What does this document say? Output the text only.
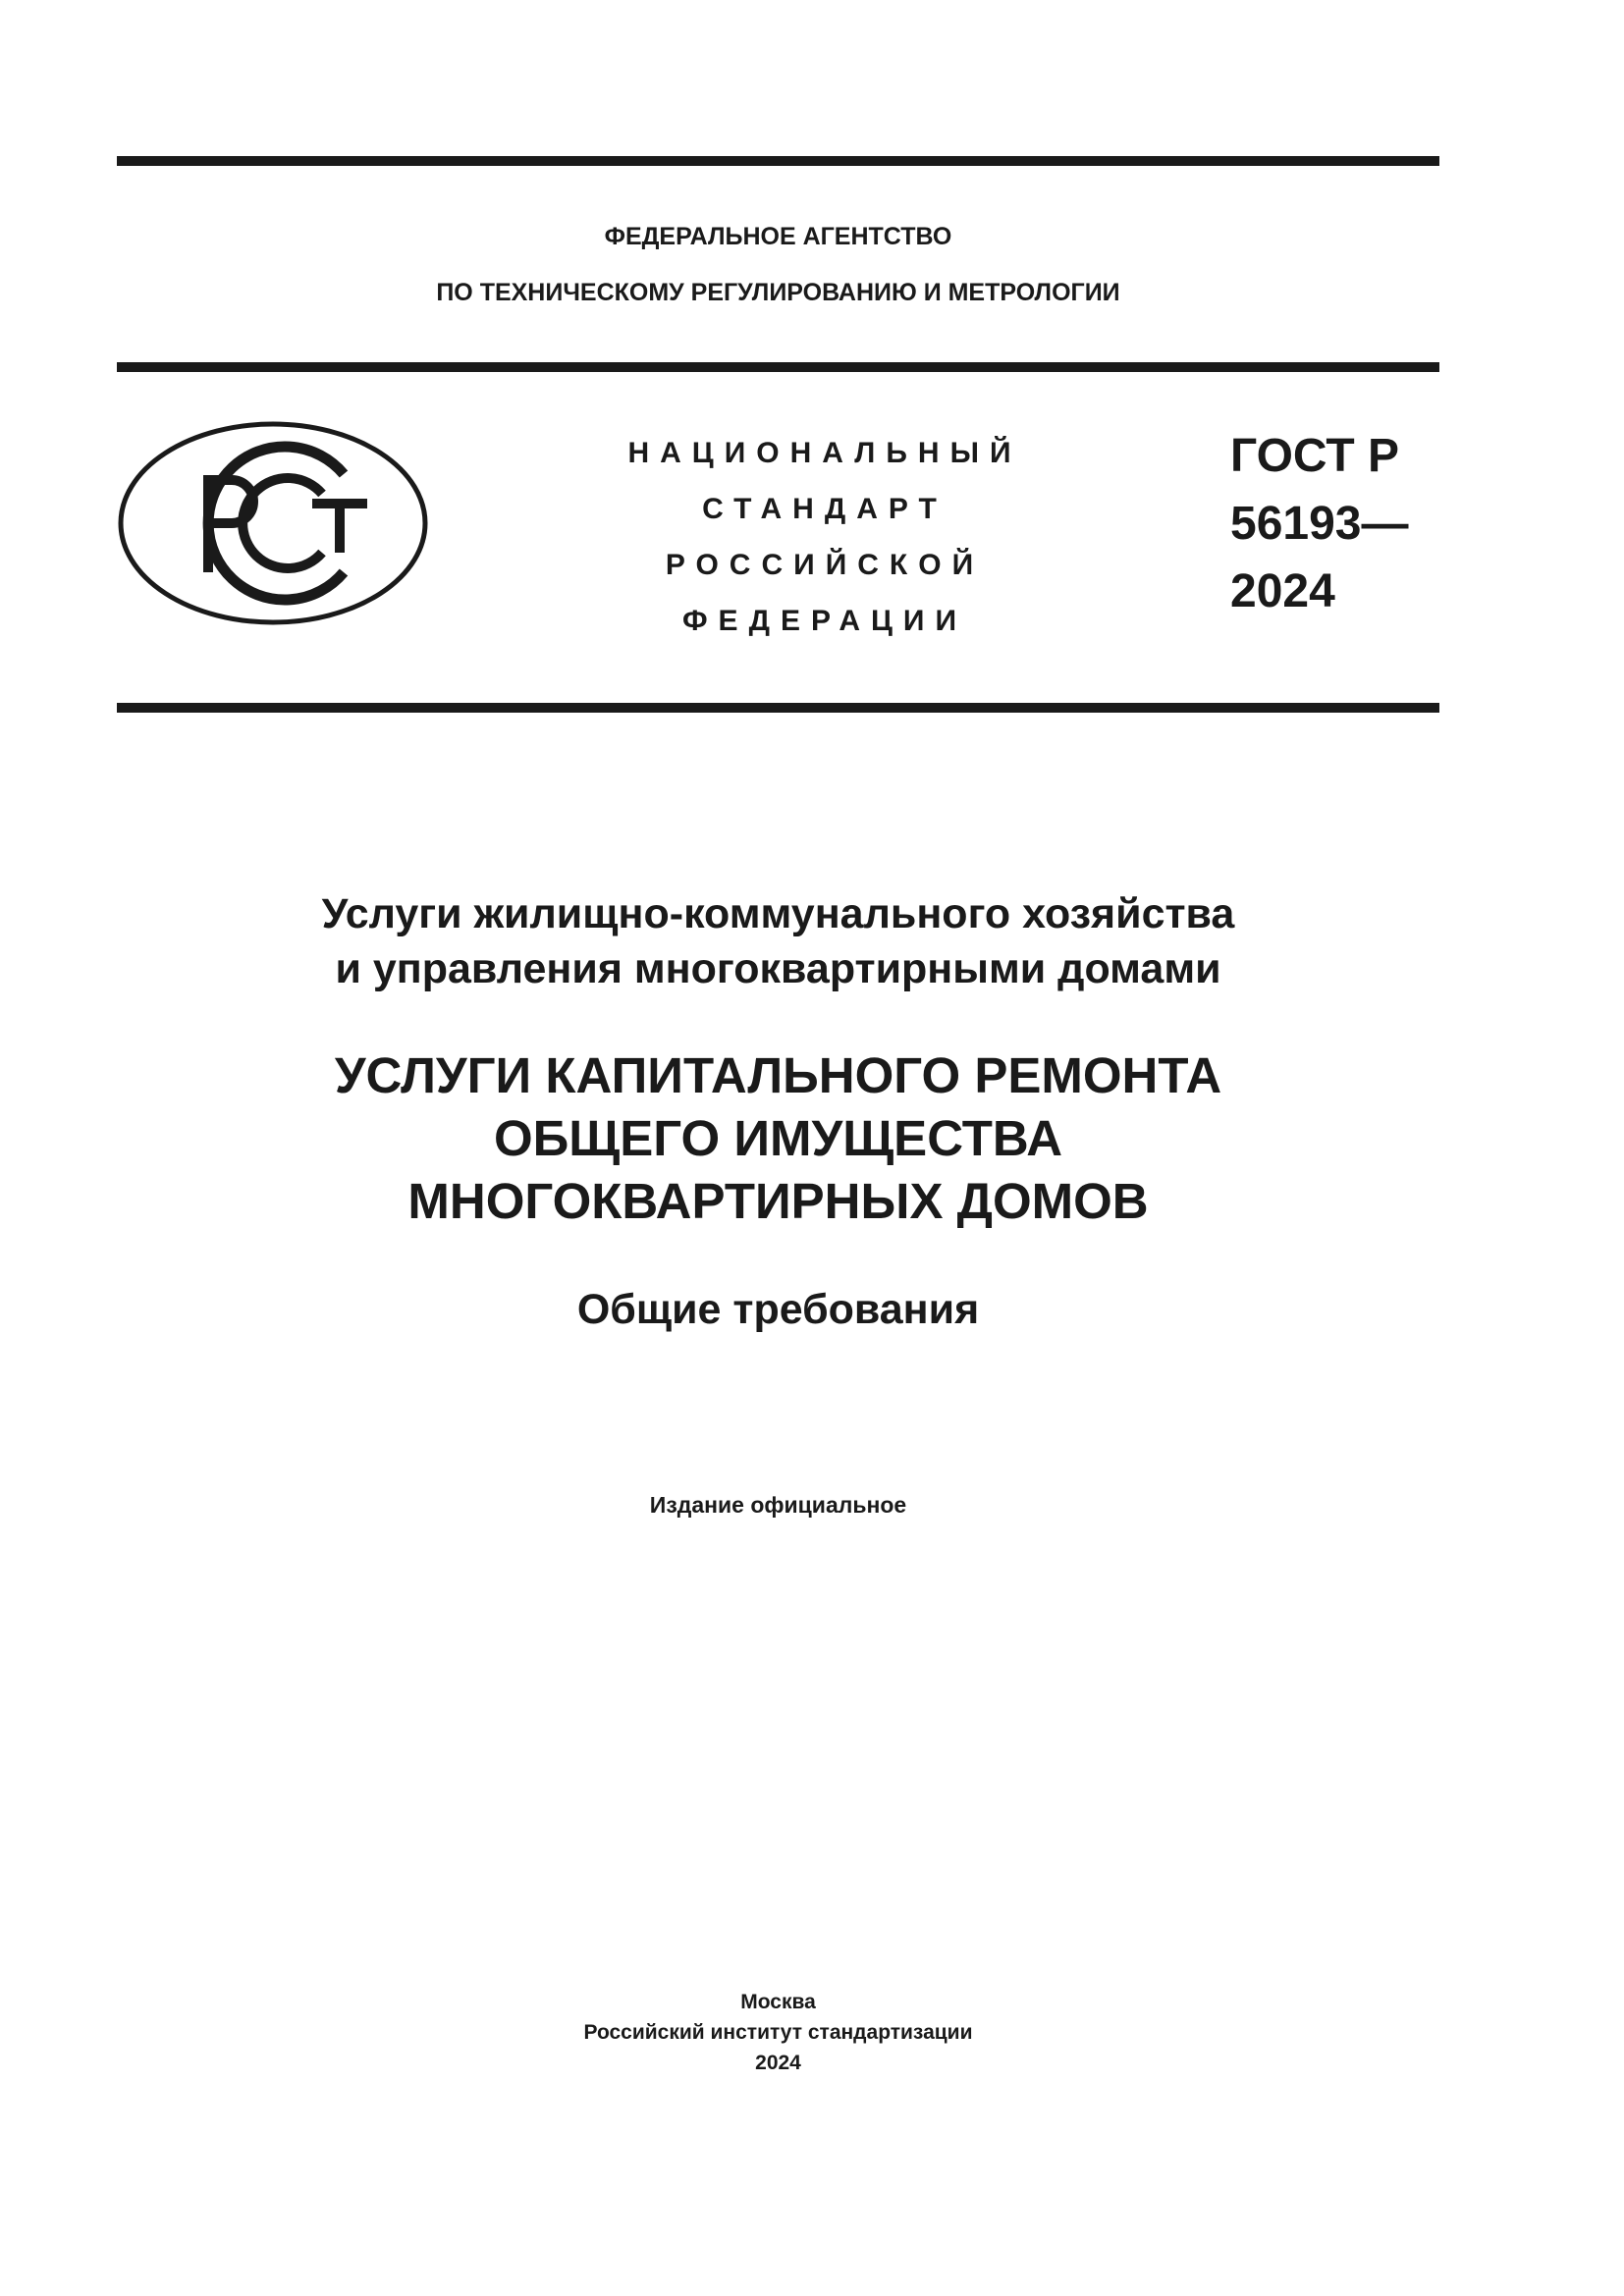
ФЕДЕРАЛЬНОЕ АГЕНТСТВО

ПО ТЕХНИЧЕСКОМУ РЕГУЛИРОВАНИЮ И МЕТРОЛОГИИ

НАЦИОНАЛЬНЫЙ
СТАНДАРТ
РОССИЙСКОЙ
ФЕДЕРАЦИИ
ГОСТ Р
56193—
2024
Услуги жилищно-коммунального хозяйства
и управления многоквартирными домами
УСЛУГИ КАПИТАЛЬНОГО РЕМОНТА
ОБЩЕГО ИМУЩЕСТВА
МНОГОКВАРТИРНЫХ ДОМОВ

Общие требования

Издание официальное

Москва
Российский институт стандартизации
2024
